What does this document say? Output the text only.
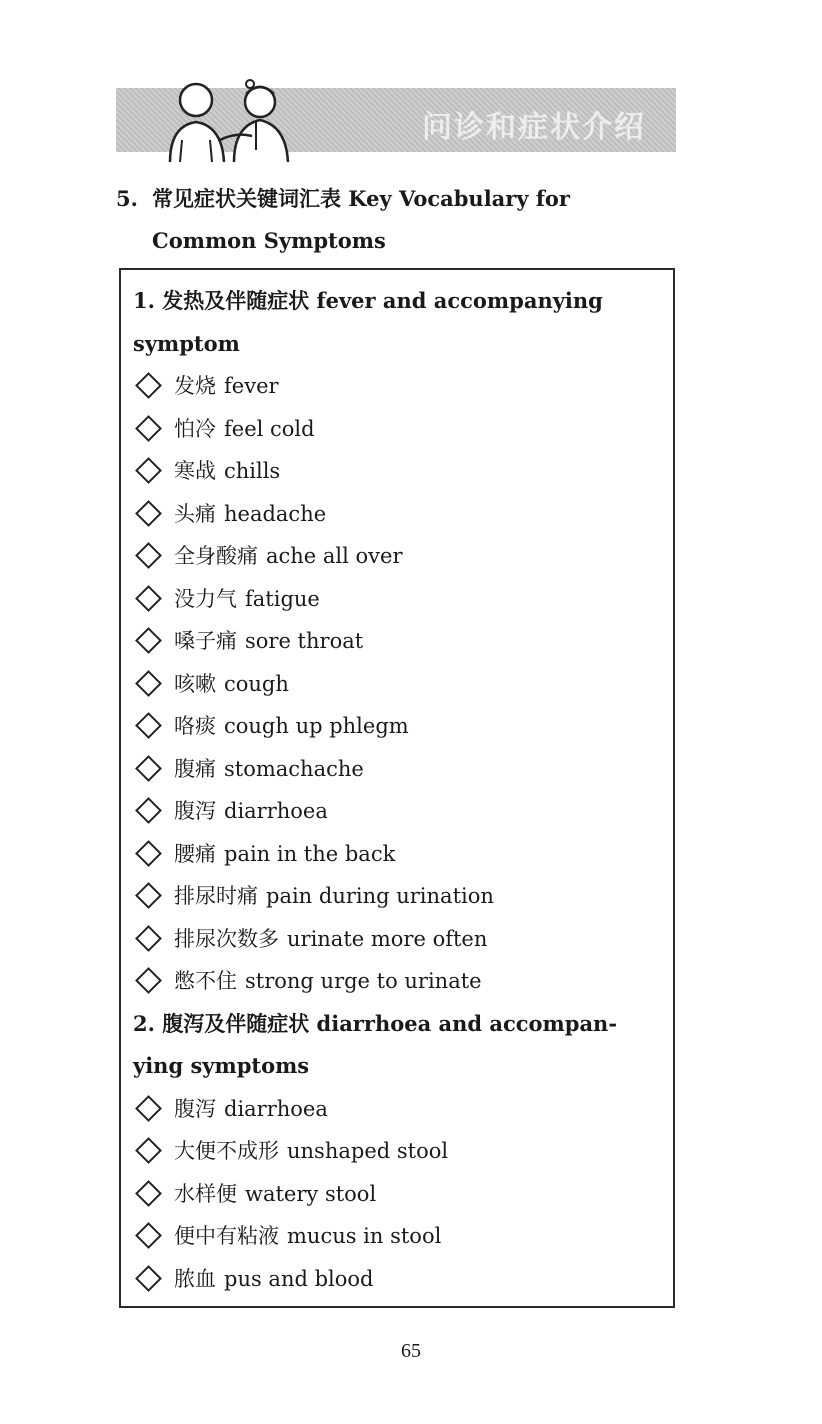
问诊和症状介绍
5. 常见症状关键词汇表 Key Vocabulary for
Common Symptoms
1. 发热及伴随症状 fever and accompanying
symptom
发烧 fever
怕冷 feel cold
寒战 chills
头痛 headache
全身酸痛 ache all over
没力气 fatigue
嗓子痛 sore throat
咳嗽 cough
咯痰 cough up phlegm
腹痛 stomachache
腹泻 diarrhoea
腰痛 pain in the back
排尿时痛 pain during urination
排尿次数多 urinate more often
憋不住 strong urge to urinate
2. 腹泻及伴随症状 diarrhoea and accompan-
ying symptoms
腹泻 diarrhoea
大便不成形 unshaped stool
水样便 watery stool
便中有粘液 mucus in stool
脓血 pus and blood
65
